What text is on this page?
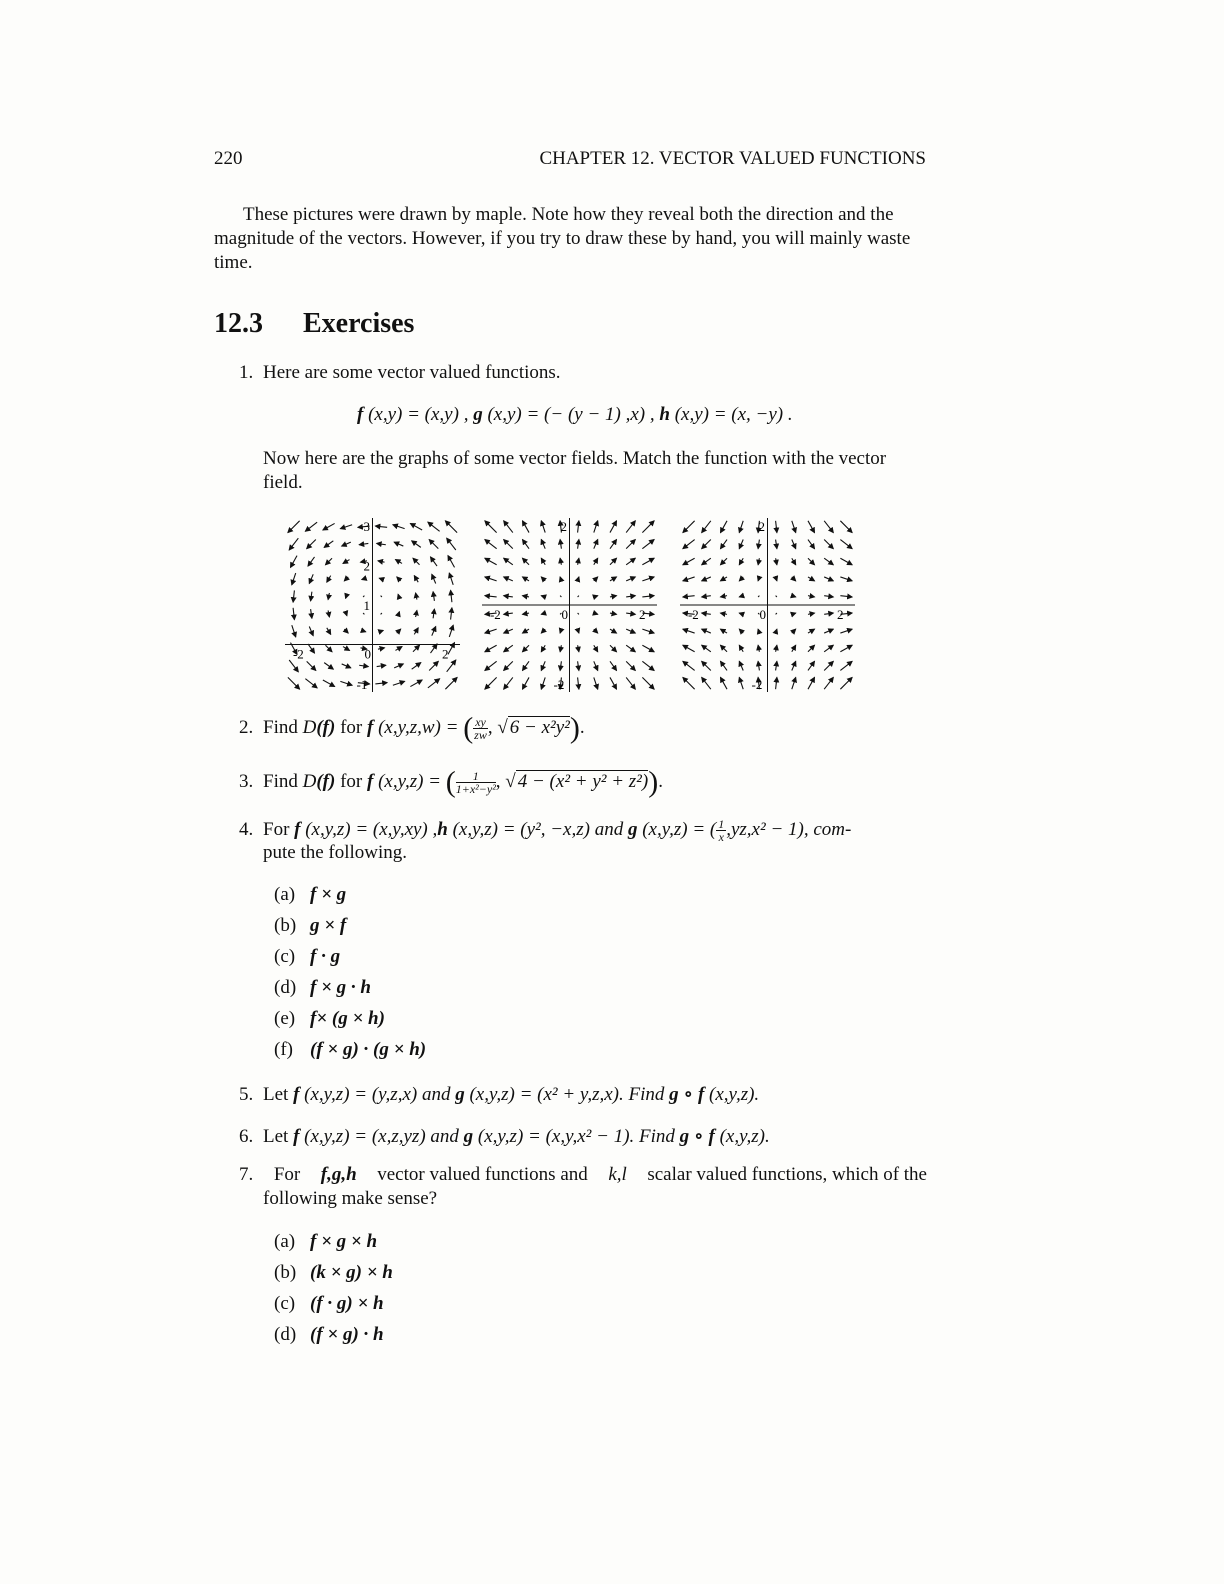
220	CHAPTER 12. VECTOR VALUED FUNCTIONS
These pictures were drawn by maple. Note how they reveal both the direction and the
magnitude of the vectors. However, if you try to draw these by hand, you will mainly waste
time.
12.3 Exercises
1. Here are some vector valued functions.
f (x,y) = (x,y) , g (x,y) = (− (y − 1) ,x) , h (x,y) = (x, −y) .
Now here are the graphs of some vector fields. Match the function with the vector
field.
-2	0	2
-1
1
2
3
-2	0	2
-2
2
-2	0	2
-2
2
2. Find D(f) for f (x,y,z,w) = ( $\frac{xy}{zw}$ , √ 6 − x²y²).
3. Find D(f) for f (x,y,z) = ( $\frac{1}{\text{1+x²−y²}}$ , √ 4 − (x² + y² + z²)).
4. For f (x,y,z) = (x,y,xy) ,h (x,y,z) = (y², −x,z) and g (x,y,z) = ( $\frac{1}{x} ,yz,x^2 - 1$), com-
pute the following.
(a) f × g
(b) g × f
(c) f · g
(d) f × g · h
(e) f× (g × h)
(f) (f × g) · (g × h)
5. Let f (x,y,z) = (y,z,x) and g (x,y,z) = (x² + y,z,x). Find g ∘ f (x,y,z).
6. Let f (x,y,z) = (x,z,yz) and g (x,y,z) = (x,y,x² − 1). Find g ∘ f (x,y,z).
7. For f,g,h vector valued functions and k,l scalar valued functions, which of the
following make sense?
(a) f × g × h
(b) (k × g) × h
(c) (f · g) × h
(d) (f × g) · h
